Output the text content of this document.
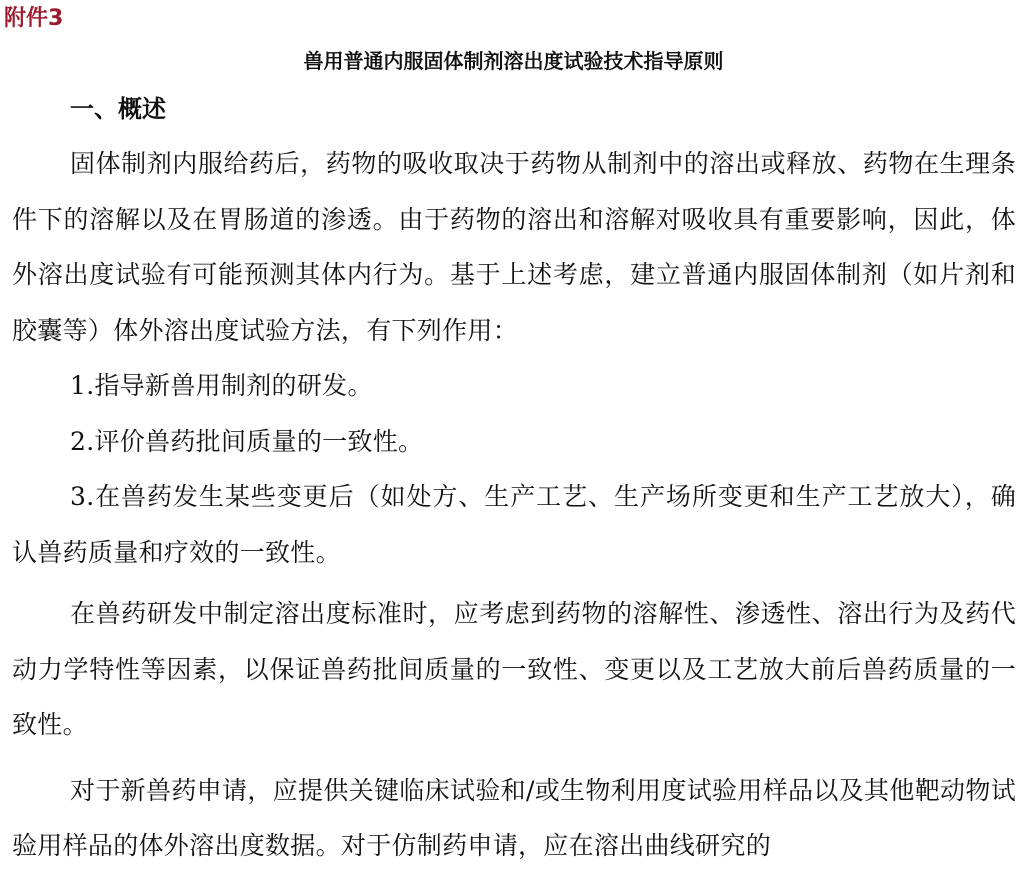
附件3
兽用普通内服固体制剂溶出度试验技术指导原则
一、概述

固体制剂内服给药后，药物的吸收取决于药物从制剂中的溶出或释放、药物在生理条件下的溶解以及在胃肠道的渗透。由于药物的溶出和溶解对吸收具有重要影响，因此，体外溶出度试验有可能预测其体内行为。基于上述考虑，建立普通内服固体制剂（如片剂和胶囊等）体外溶出度试验方法，有下列作用：

1.指导新兽用制剂的研发。

2.评价兽药批间质量的一致性。

3.在兽药发生某些变更后（如处方、生产工艺、生产场所变更和生产工艺放大），确认兽药质量和疗效的一致性。

在兽药研发中制定溶出度标准时，应考虑到药物的溶解性、渗透性、溶出行为及药代动力学特性等因素，以保证兽药批间质量的一致性、变更以及工艺放大前后兽药质量的一致性。

对于新兽药申请，应提供关键临床试验和/或生物利用度试验用样品以及其他靶动物试验用样品的体外溶出度数据。对于仿制药申请，应在溶出曲线研究的
